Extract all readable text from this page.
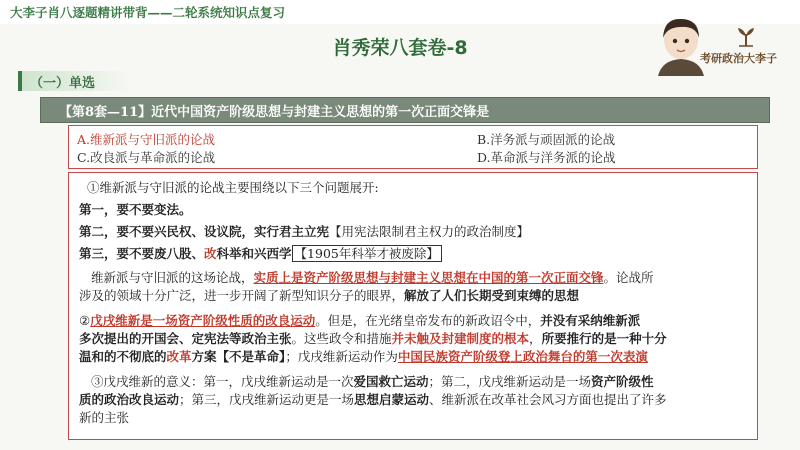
大李子肖八逐题精讲带背——二轮系统知识点复习
肖秀荣八套卷-8	考研政治大李子
（一）单选
【第8套—11】近代中国资产阶级思想与封建主义思想的第一次正面交锋是
A.维新派与守旧派的论战	B.洋务派与顽固派的论战
C.改良派与革命派的论战	D.革命派与洋务派的论战
①维新派与守旧派的论战主要围绕以下三个问题展开:
第一，要不要变法。
第二，要不要兴民权、设议院，实行君主立宪【用宪法限制君主权力的政治制度】
第三，要不要废八股、改科举和兴西学 【1905年科举才被废除】
维新派与守旧派的这场论战，实质上是资产阶级思想与封建主义思想在中国的第一次正面交锋。论战所
涉及的领域十分广泛，进一步开阔了新型知识分子的眼界，解放了人们长期受到束缚的思想
②戊戌维新是一场资产阶级性质的改良运动。但是，在光绪皇帝发布的新政诏令中，并没有采纳维新派
多次提出的开国会、定宪法等政治主张。这些政令和措施并未触及封建制度的根本，所要推行的是一种十分
温和的不彻底的改革方案【不是革命】；戊戌维新运动作为中国民族资产阶级登上政治舞台的第一次表演
③戊戌维新的意义：第一，戊戌维新运动是一次爱国救亡运动；第二，戊戌维新运动是一场资产阶级性
质的政治改良运动；第三，戊戌维新运动更是一场思想启蒙运动、维新派在改革社会风习方面也提出了许多
新的主张
